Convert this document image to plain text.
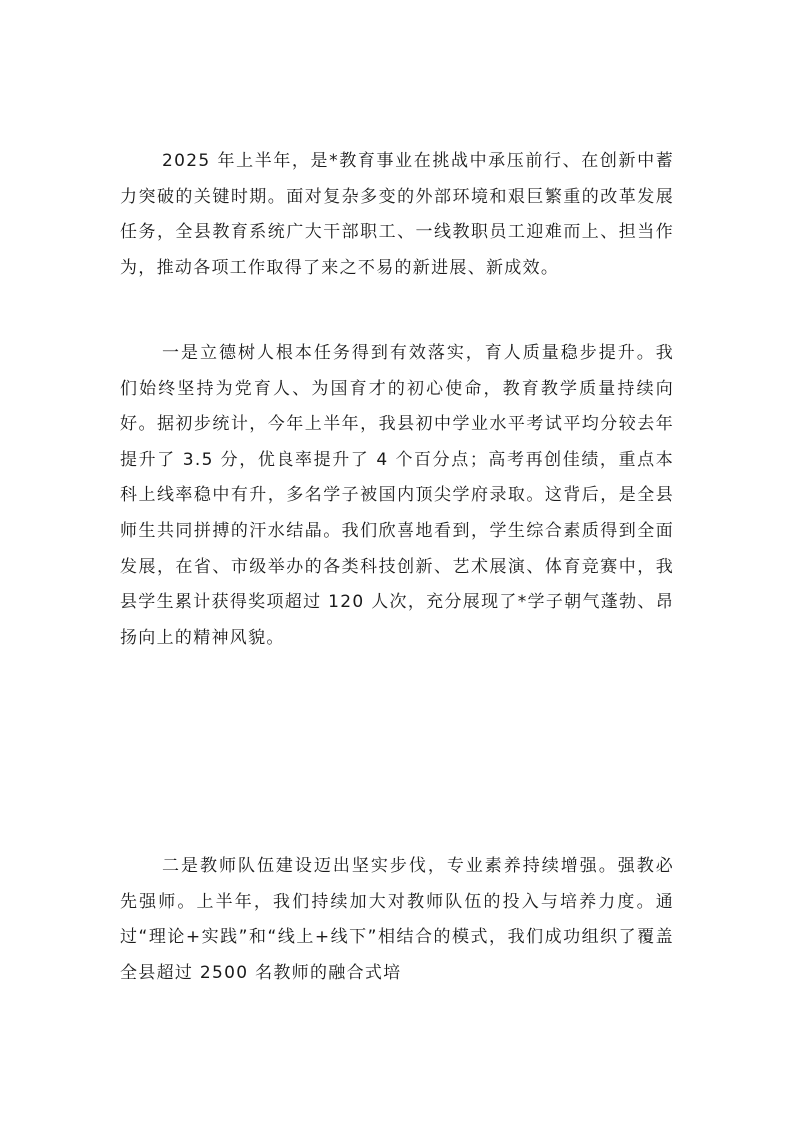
2025 年上半年，是*教育事业在挑战中承压前行、在创新中蓄力突破的关键时期。面对复杂多变的外部环境和艰巨繁重的改革发展任务，全县教育系统广大干部职工、一线教职员工迎难而上、担当作为，推动各项工作取得了来之不易的新进展、新成效。

一是立德树人根本任务得到有效落实，育人质量稳步提升。我们始终坚持为党育人、为国育才的初心使命，教育教学质量持续向好。据初步统计，今年上半年，我县初中学业水平考试平均分较去年提升了 3.5 分，优良率提升了 4 个百分点；高考再创佳绩，重点本科上线率稳中有升，多名学子被国内顶尖学府录取。这背后，是全县师生共同拼搏的汗水结晶。我们欣喜地看到，学生综合素质得到全面发展，在省、市级举办的各类科技创新、艺术展演、体育竞赛中，我县学生累计获得奖项超过 120 人次，充分展现了*学子朝气蓬勃、昂扬向上的精神风貌。

二是教师队伍建设迈出坚实步伐，专业素养持续增强。强教必先强师。上半年，我们持续加大对教师队伍的投入与培养力度。通过“理论+实践”和“线上+线下”相结合的模式，我们成功组织了覆盖全县超过 2500 名教师的融合式培
